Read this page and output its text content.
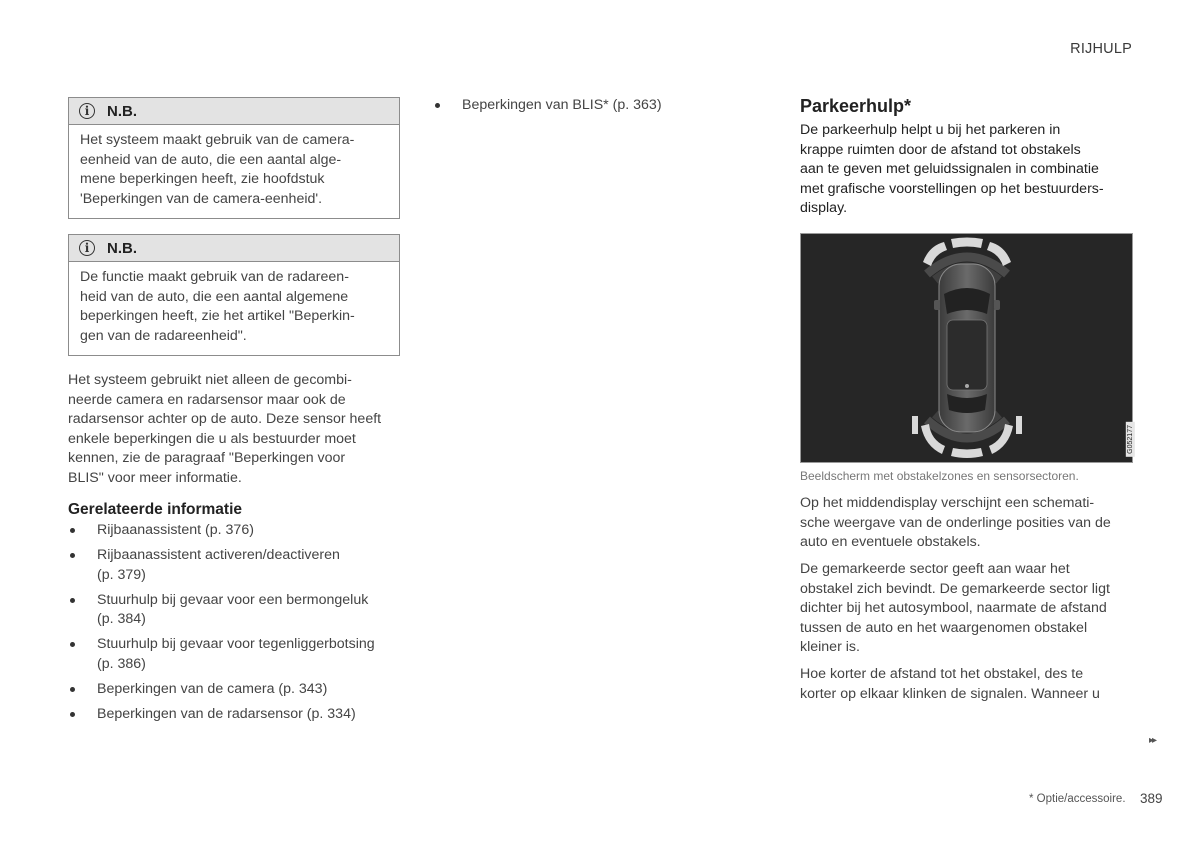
RIJHULP
i	N.B.
Het systeem maakt gebruik van de camera-
eenheid van de auto, die een aantal alge-
mene beperkingen heeft, zie hoofdstuk
'Beperkingen van de camera-eenheid'.
i	N.B.
De functie maakt gebruik van de radareen-
heid van de auto, die een aantal algemene
beperkingen heeft, zie het artikel "Beperkin-
gen van de radareenheid".
Het systeem gebruikt niet alleen de gecombi-
neerde camera en radarsensor maar ook de
radarsensor achter op de auto. Deze sensor heeft
enkele beperkingen die u als bestuurder moet
kennen, zie de paragraaf "Beperkingen voor
BLIS" voor meer informatie.
Gerelateerde informatie
Rijbaanassistent (p. 376)
Rijbaanassistent activeren/deactiveren
(p. 379)
Stuurhulp bij gevaar voor een bermongeluk
(p. 384)
Stuurhulp bij gevaar voor tegenliggerbotsing
(p. 386)
Beperkingen van de camera (p. 343)
Beperkingen van de radarsensor (p. 334)
Beperkingen van BLIS* (p. 363)	Parkeerhulp*
De parkeerhulp helpt u bij het parkeren in
krappe ruimten door de afstand tot obstakels
aan te geven met geluidssignalen in combinatie
met grafische voorstellingen op het bestuurders-
display.
G052177
Beeldscherm met obstakelzones en sensorsectoren.
Op het middendisplay verschijnt een schemati-
sche weergave van de onderlinge posities van de
auto en eventuele obstakels.
De gemarkeerde sector geeft aan waar het
obstakel zich bevindt. De gemarkeerde sector ligt
dichter bij het autosymbool, naarmate de afstand
tussen de auto en het waargenomen obstakel
kleiner is.
Hoe korter de afstand tot het obstakel, des te
korter op elkaar klinken de signalen. Wanneer u
▸▸
* Optie/accessoire. 389
